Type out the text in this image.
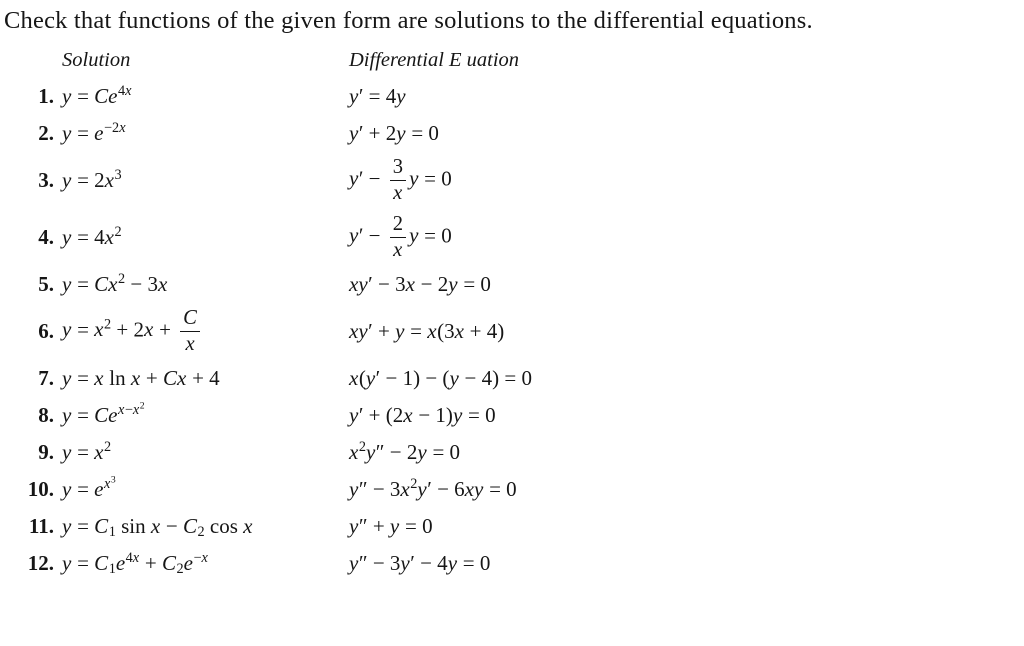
Check that functions of the given form are solutions to the differential equations.
Solution	Differential E uation
1. $y = Ce^{4x}$	y′ = 4y
2. $y = e^{-2x}$	y′ + 2y = 0
3. $y = 2x^3$	$y' - \frac{3}{x}$ y = 0
4. $y = 4x^2$	$y' - \frac{2}{x}$ y = 0
5. $y = Cx^2 - 3x$	xy′ − 3x − 2y = 0
6. $y = x^2 + 2x + \frac{C}{x}$	xy′ + y = x(3x + 4)
7. y = x ln x + Cx + 4	x(y′ − 1) − (y − 4) = 0
8. $y = Ce^{x-x^2}$	y′ + (2x − 1)y = 0
9. $y = x^2$	$x^2y'' - 2y = 0$
10. $y = e^{x^3}$	$y'' - 3x^2y' - 6xy = 0$
11. $y = C_1$ $\sin x - C_2$ cos x	y″ + y = 0
12. $y = C_1e^{4x} + C_2e^{-x}$	y″ − 3y′ − 4y = 0
